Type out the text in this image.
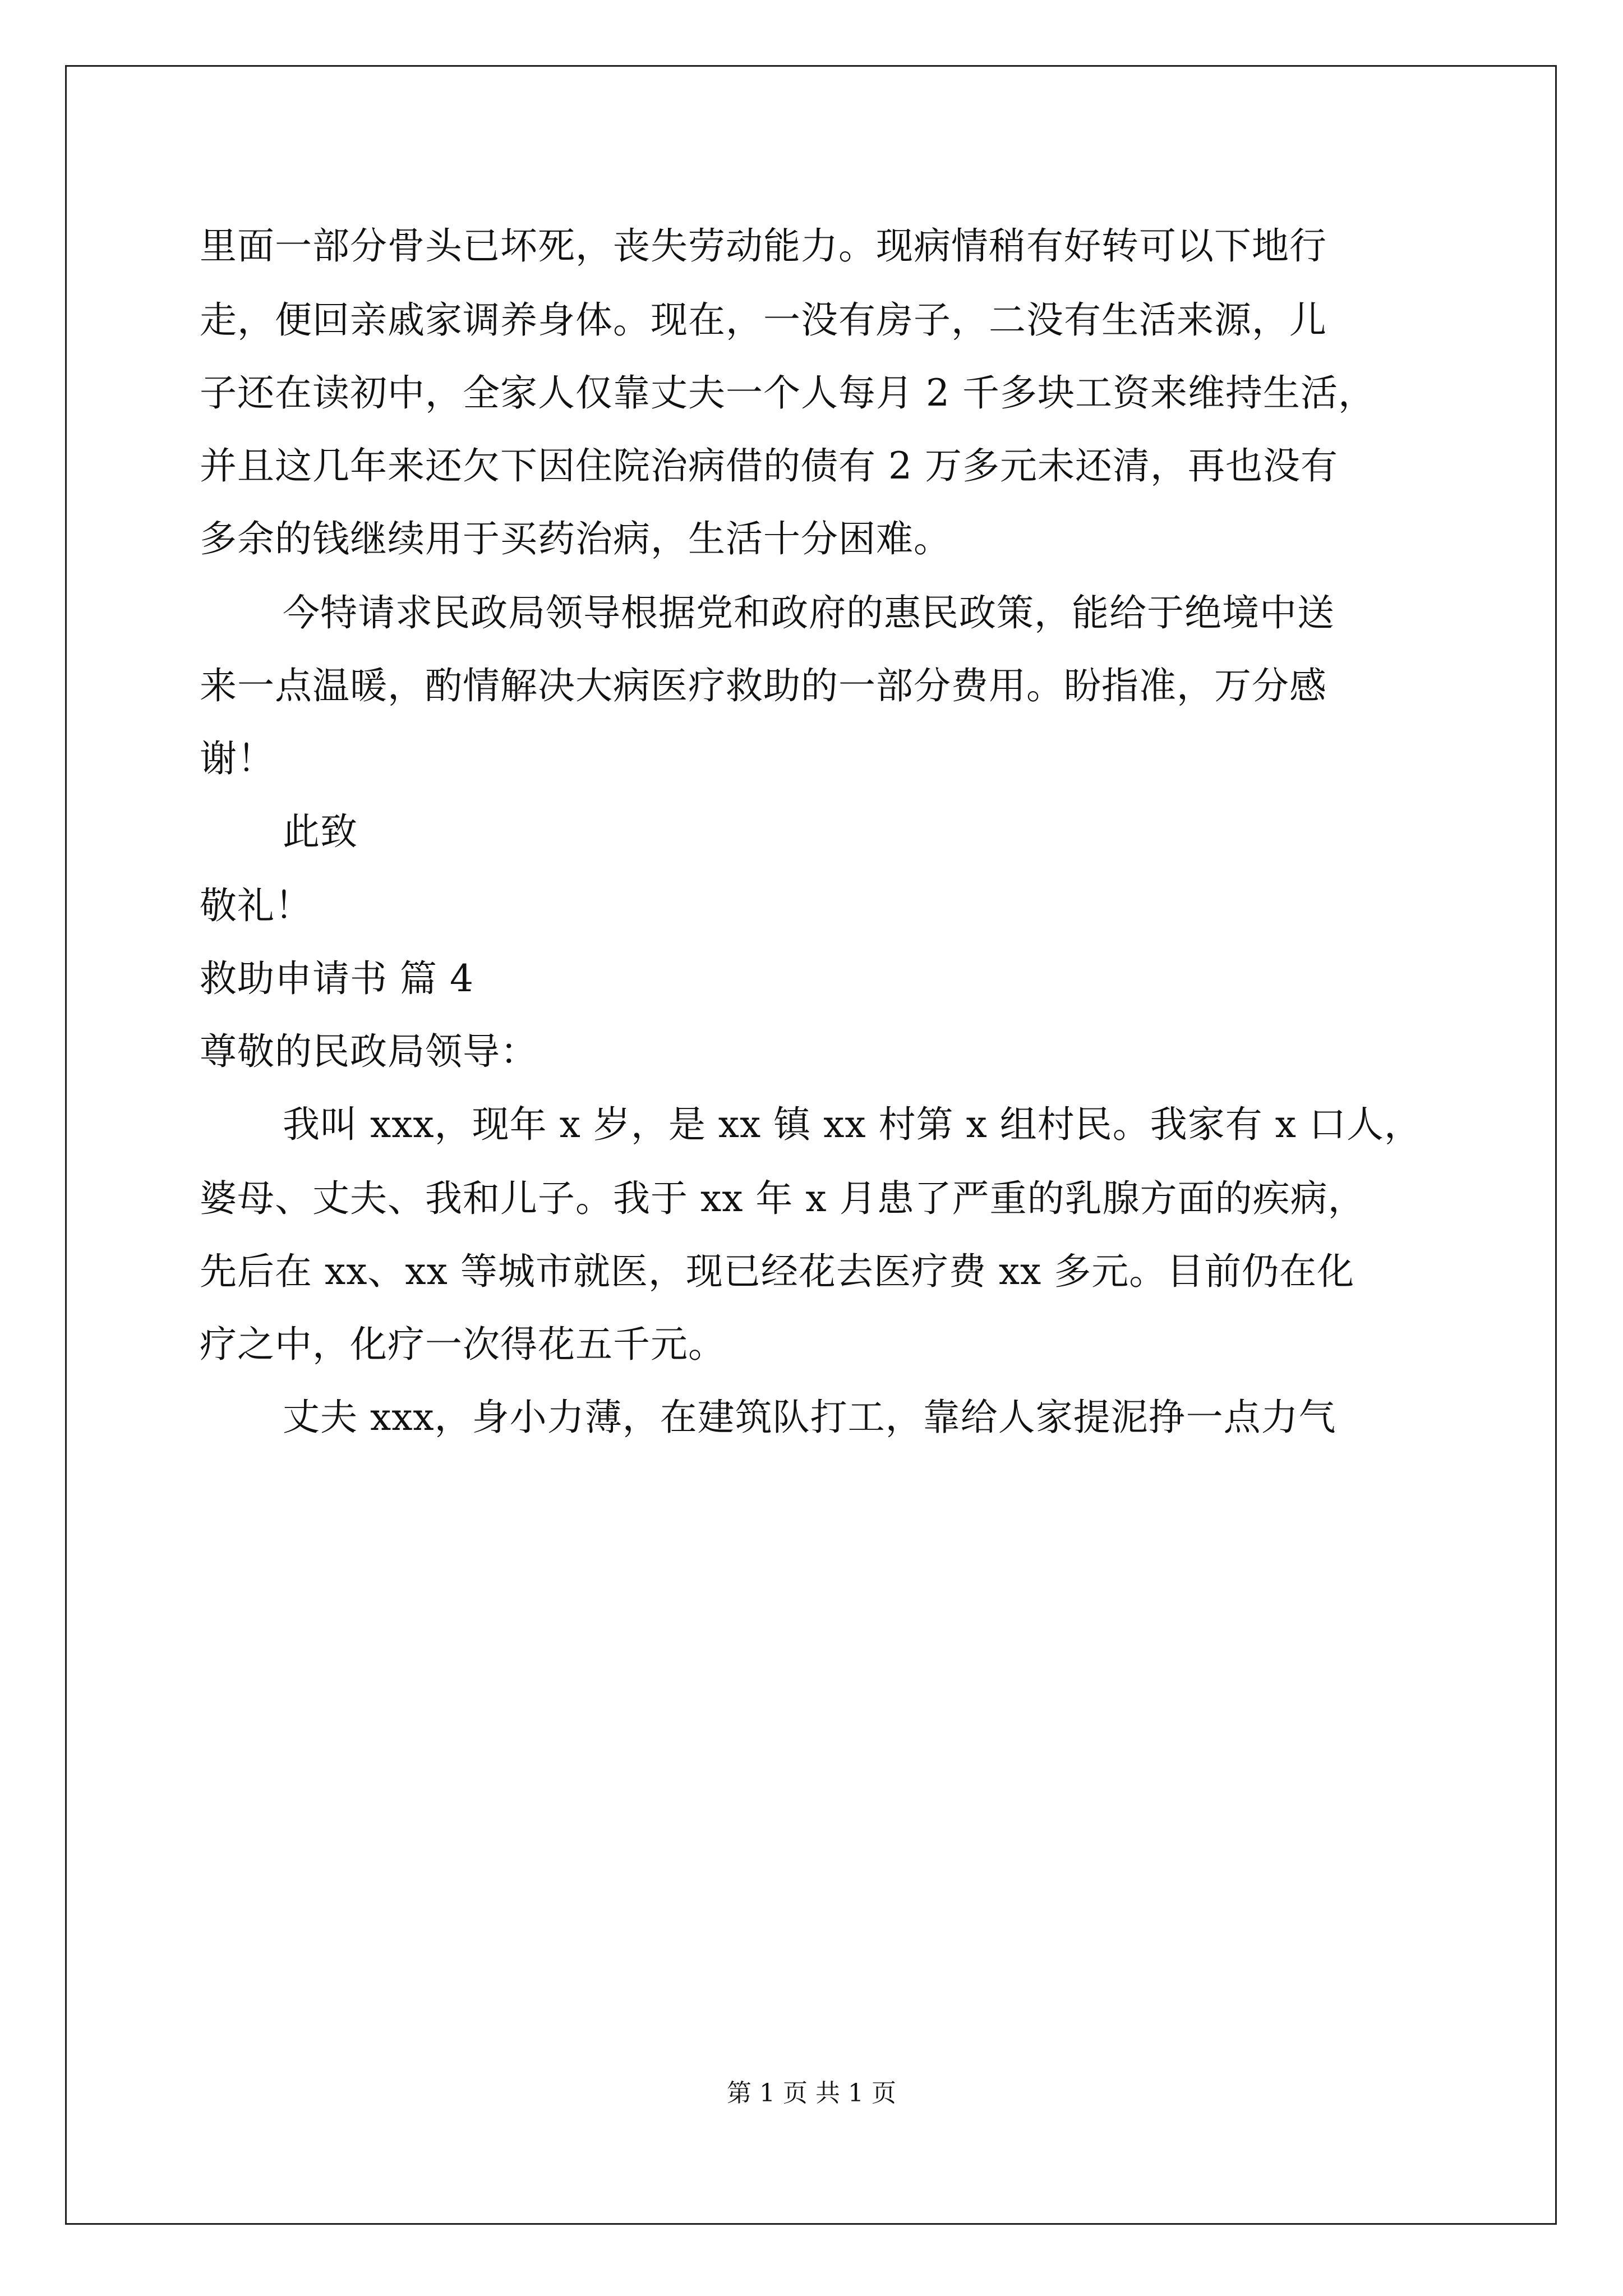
里面一部分骨头已坏死，丧失劳动能力。现病情稍有好转可以下地行
走，便回亲戚家调养身体。现在，一没有房子，二没有生活来源，儿
子还在读初中，全家人仅靠丈夫一个人每月 2 千多块工资来维持生活，
并且这几年来还欠下因住院治病借的债有 2 万多元未还清，再也没有
多余的钱继续用于买药治病，生活十分困难。
今特请求民政局领导根据党和政府的惠民政策，能给于绝境中送
来一点温暖，酌情解决大病医疗救助的一部分费用。盼指准，万分感
谢！
此致
敬礼！
救助申请书 篇 4
尊敬的民政局领导：
我叫 xxx，现年 x 岁，是 xx 镇 xx 村第 x 组村民。我家有 x 口人，
婆母、丈夫、我和儿子。我于 xx 年 x 月患了严重的乳腺方面的疾病，
先后在 xx、xx 等城市就医，现已经花去医疗费 xx 多元。目前仍在化
疗之中，化疗一次得花五千元。
丈夫 xxx，身小力薄，在建筑队打工，靠给人家提泥挣一点力气
第 1 页 共 1 页
